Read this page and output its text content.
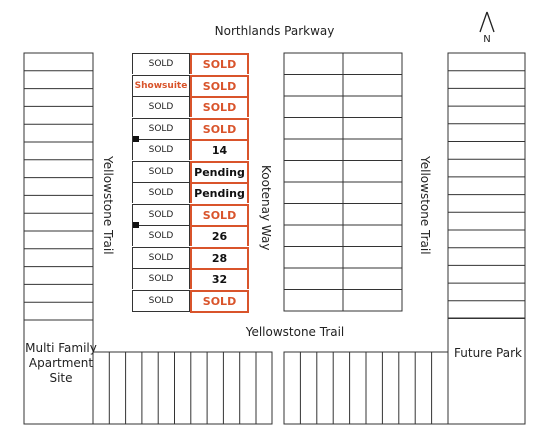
SOLD	SOLD
Showsuite	SOLD
SOLD	SOLD
SOLD	SOLD
SOLD	14
SOLD	Pending
SOLD	Pending
SOLD	SOLD
SOLD	26
SOLD	28
SOLD	32
SOLD	SOLD
Northlands Parkway
Yellowstone Trail	Kootenay Way	Yellowstone Trail
Yellowstone Trail
Multi Family Apartment Site
Future Park
N
